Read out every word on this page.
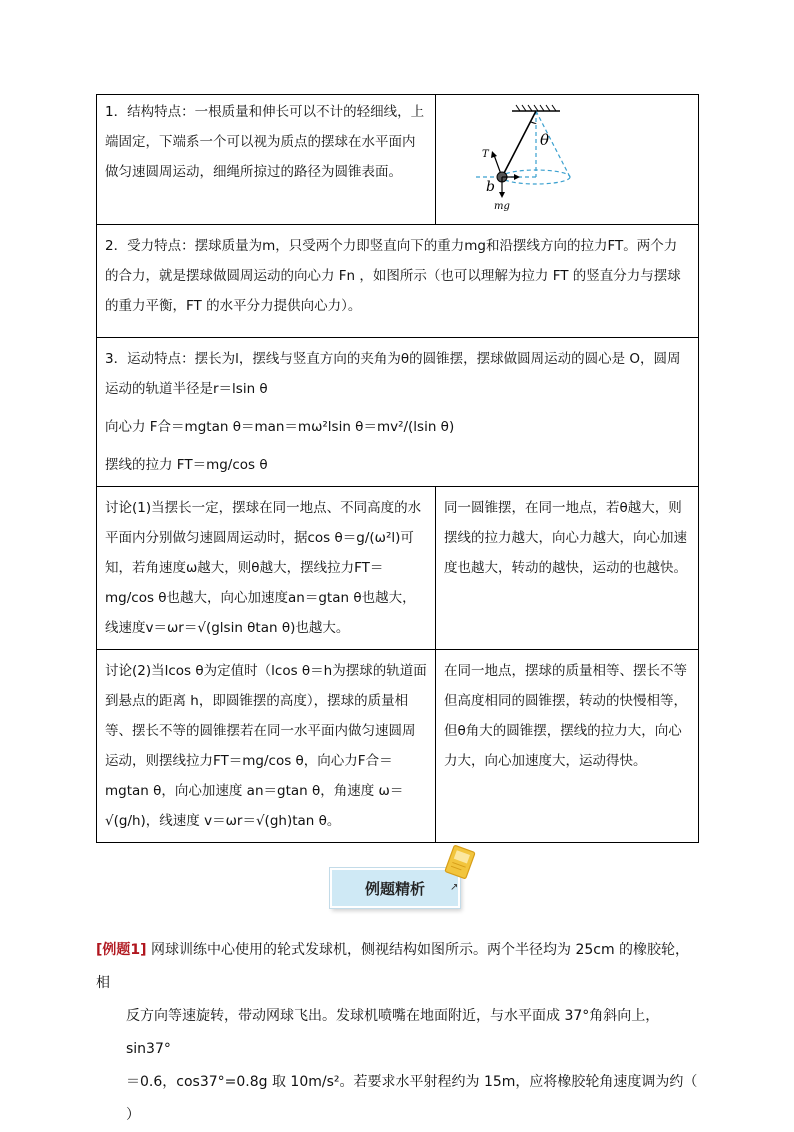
1．结构特点：一根质量和伸长可以不计的轻细线，上端固定，下端系一个可以视为质点的摆球在水平面内做匀速圆周运动，细绳所掠过的路径为圆锥表面。	θ
T
b
mg

2．受力特点：摆球质量为m，只受两个力即竖直向下的重力mg和沿摆线方向的拉力FT。两个力的合力，就是摆球做圆周运动的向心力 Fn ，如图所示（也可以理解为拉力 FT 的竖直分力与摆球的重力平衡，FT 的水平分力提供向心力）。	

3．运动特点：摆长为l，摆线与竖直方向的夹角为θ的圆锥摆，摆球做圆周运动的圆心是 O，圆周运动的轨道半径是r＝lsin θ

向心力 F合＝mgtan θ＝man＝mω²lsin θ＝mv²/(lsin θ)

摆线的拉力 FT＝mg/cos θ	

讨论(1)当摆长一定，摆球在同一地点、不同高度的水平面内分别做匀速圆周运动时，据cos θ＝g/(ω²l)可知，若角速度ω越大，则θ越大，摆线拉力FT＝mg/cos θ也越大，向心加速度an＝gtan θ也越大，线速度v＝ωr＝√(glsin θtan θ)也越大。	同一圆锥摆，在同一地点，若θ越大，则摆线的拉力越大，向心力越大，向心加速度也越大，转动的越快，运动的也越快。

讨论(2)当lcos θ为定值时（lcos θ＝h为摆球的轨道面到悬点的距离 h，即圆锥摆的高度），摆球的质量相等、摆长不等的圆锥摆若在同一水平面内做匀速圆周运动，则摆线拉力FT＝mg/cos θ，向心力F合＝mgtan θ，向心加速度 an＝gtan θ，角速度 ω＝√(g/h)，线速度 v＝ωr＝√(gh)tan θ。	在同一地点，摆球的质量相等、摆长不等但高度相同的圆锥摆，转动的快慢相等，但θ角大的圆锥摆，摆线的拉力大，向心力大，向心加速度大，运动得快。

例题精析	↗
[例题1] 网球训练中心使用的轮式发球机，侧视结构如图所示。两个半径均为 25cm 的橡胶轮，相
反方向等速旋转，带动网球飞出。发球机喷嘴在地面附近，与水平面成 37°角斜向上，sin37°
＝0.6，cos37°=0.8g 取 10m/s²。若要求水平射程约为 15m，应将橡胶轮角速度调为约（ ）
